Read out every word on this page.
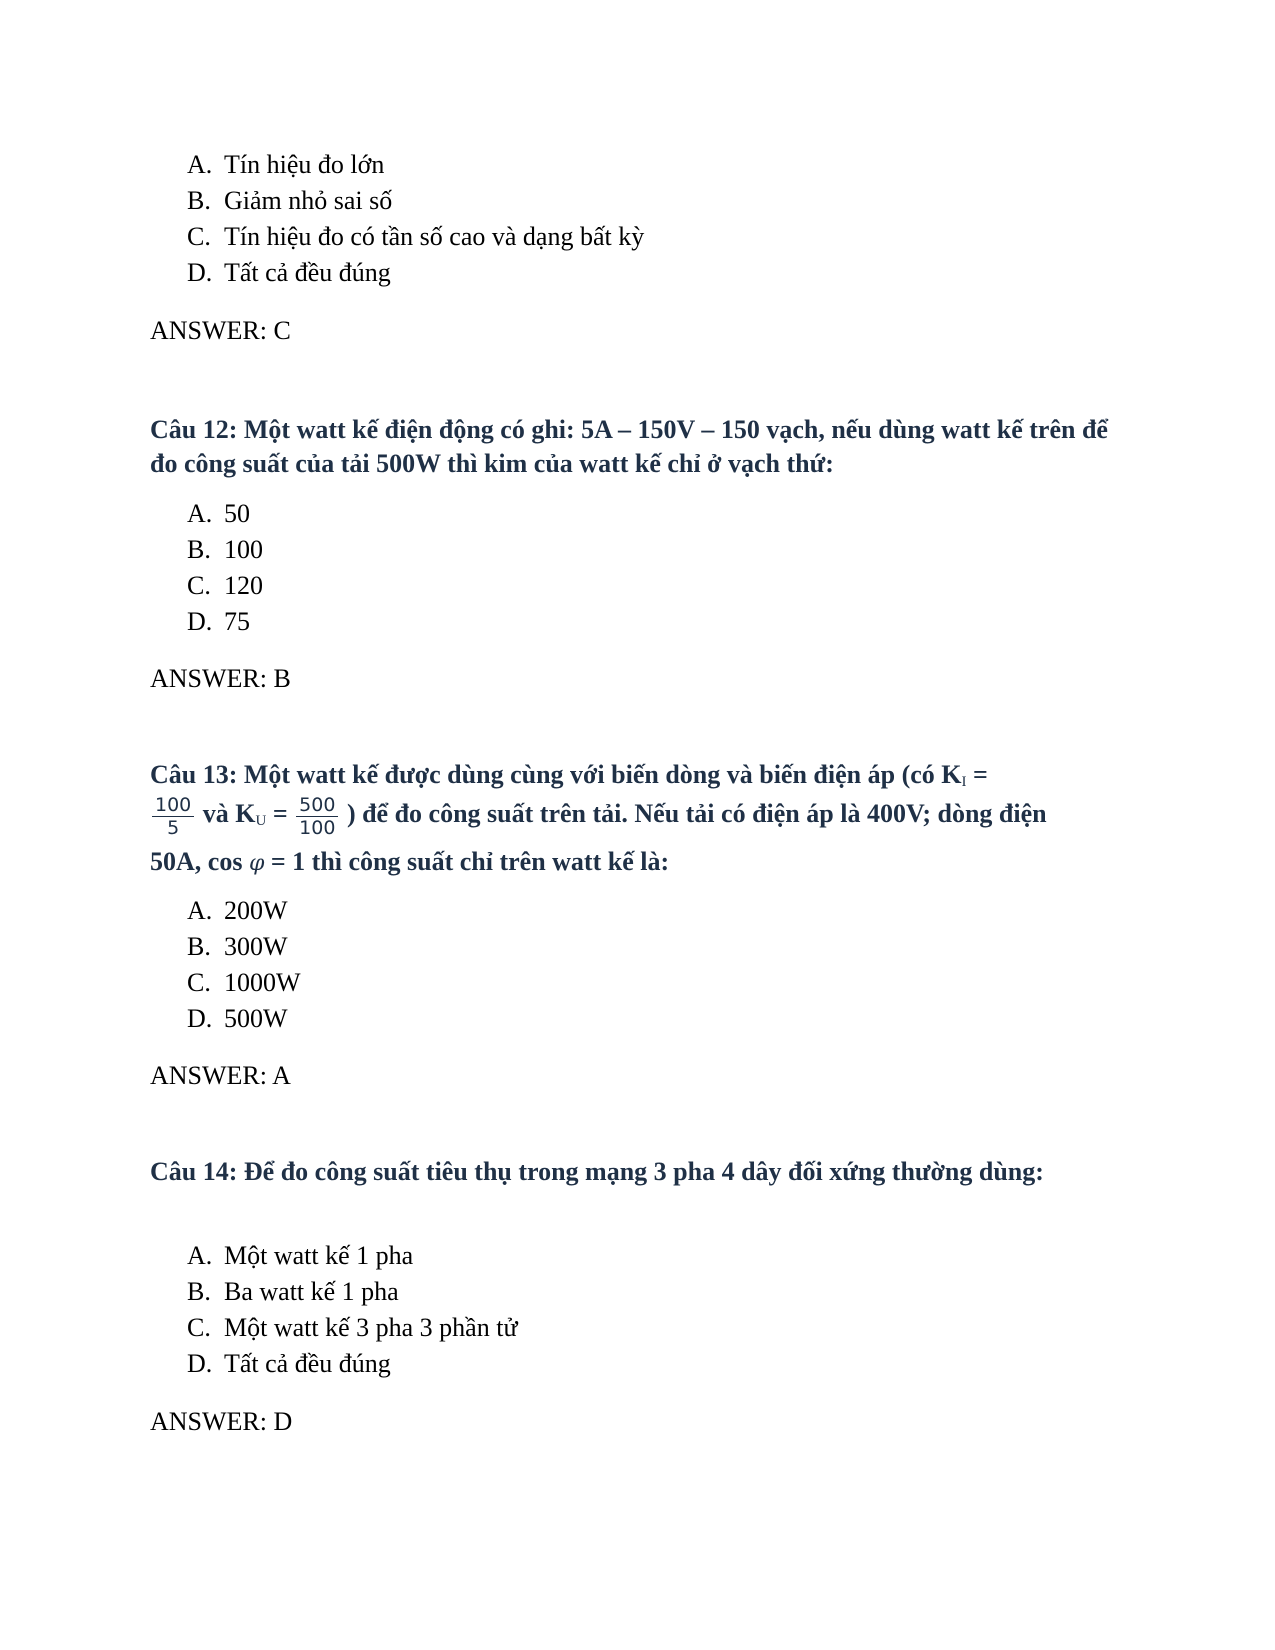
A. Tín hiệu đo lớn
B. Giảm nhỏ sai số
C. Tín hiệu đo có tần số cao và dạng bất kỳ
D. Tất cả đều đúng
ANSWER: C
Câu 12: Một watt kế điện động có ghi: 5A – 150V – 150 vạch, nếu dùng watt kế trên để đo công suất của tải 500W thì kim của watt kế chỉ ở vạch thứ:
A. 50
B. 100
C. 120
D. 75
ANSWER: B
Câu 13: Một watt kế được dùng cùng với biến dòng và biến điện áp (có $K_I$ =
$\frac{100}{5}$ và $K_U = \frac{500}{100}$ ) để đo công suất trên tải. Nếu tải có điện áp là 400V; dòng điện
50A, cos φ = 1 thì công suất chỉ trên watt kế là:
A. 200W
B. 300W
C. 1000W
D. 500W
ANSWER: A
Câu 14: Để đo công suất tiêu thụ trong mạng 3 pha 4 dây đối xứng thường dùng:
A. Một watt kế 1 pha
B. Ba watt kế 1 pha
C. Một watt kế 3 pha 3 phần tử
D. Tất cả đều đúng
ANSWER: D
